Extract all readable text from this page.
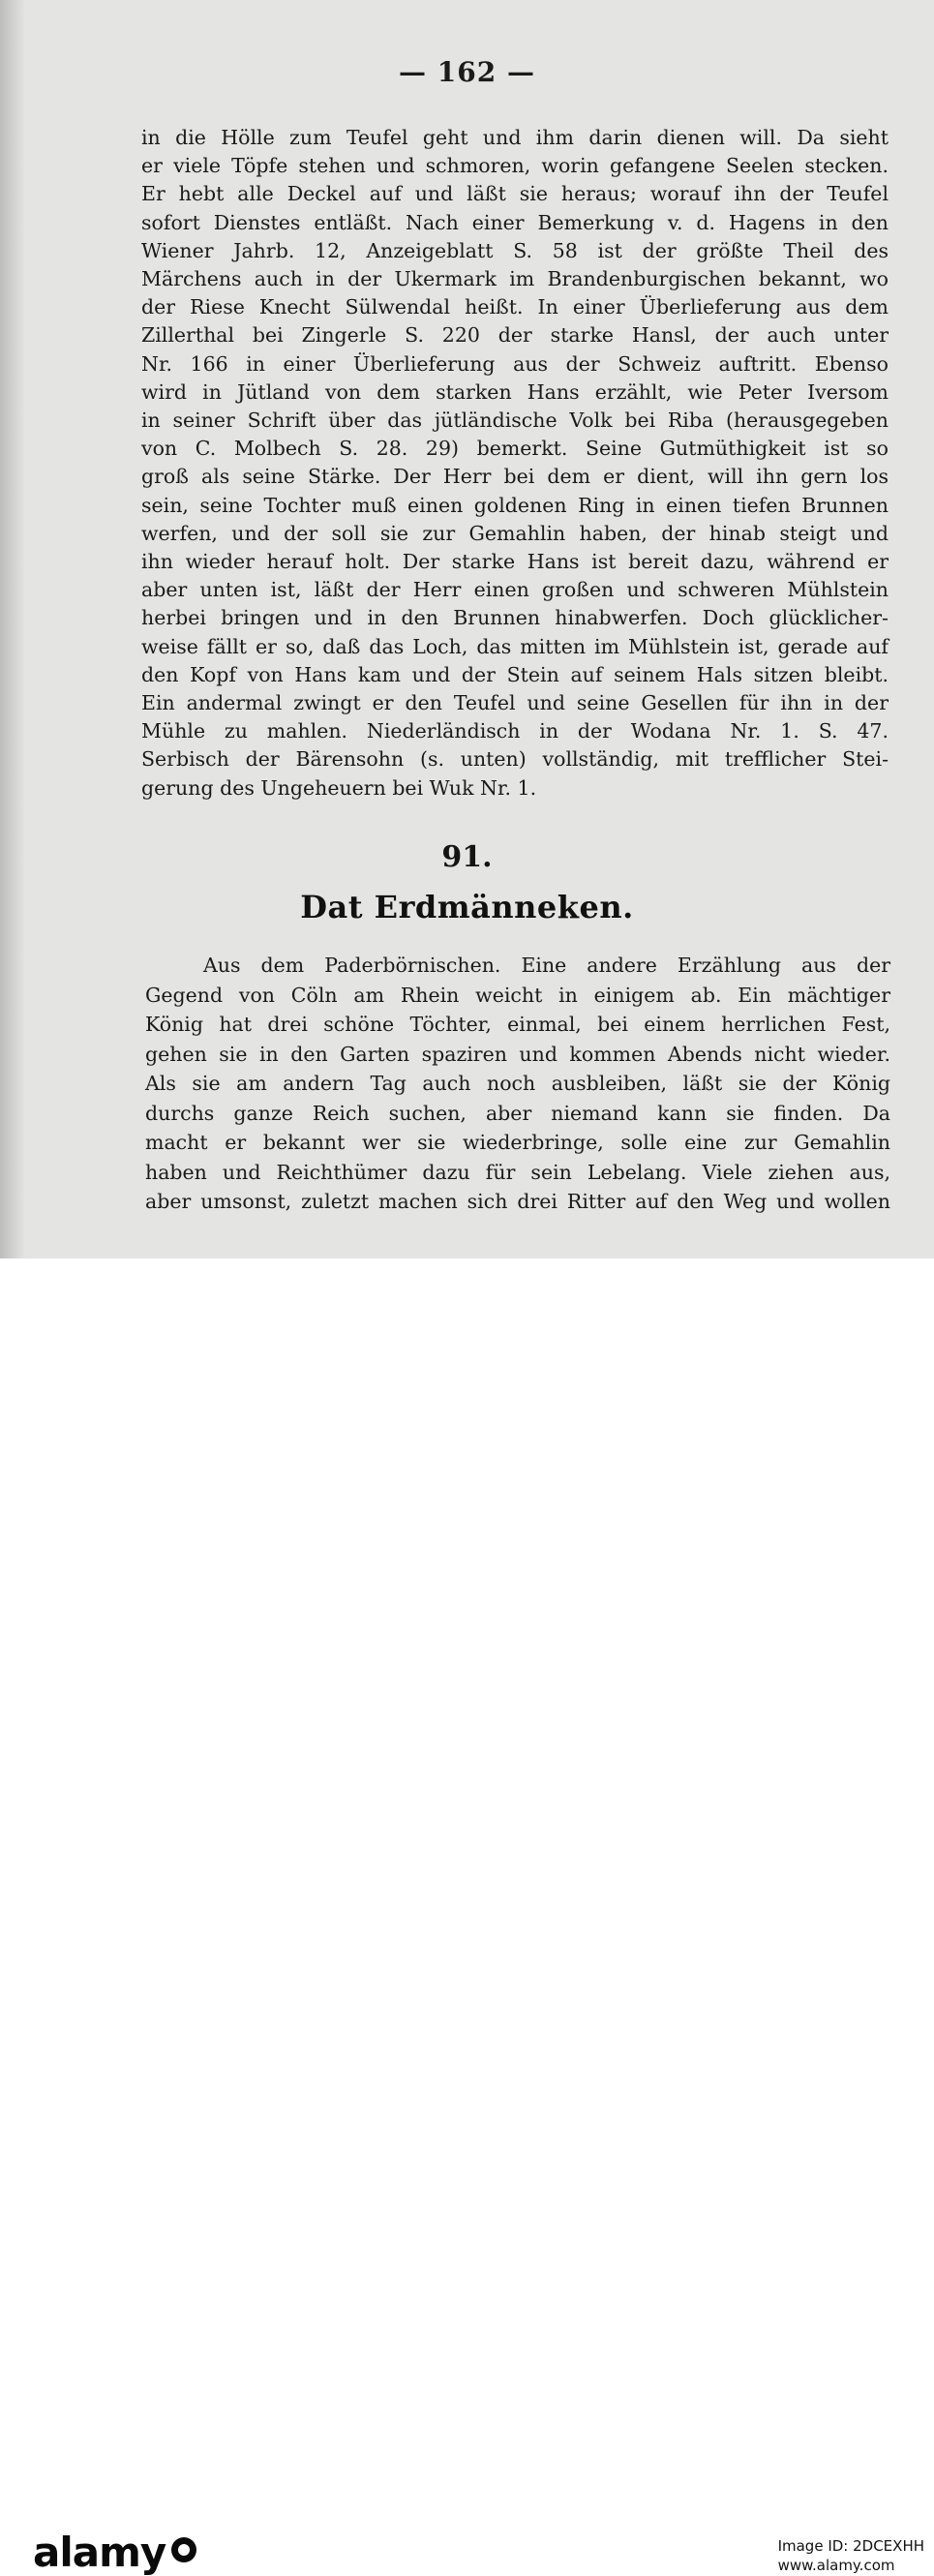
— 162 —
in die Hölle zum Teufel geht und ihm darin dienen will. Da sieht
er viele Töpfe stehen und schmoren, worin gefangene Seelen stecken.
Er hebt alle Deckel auf und läßt sie heraus; worauf ihn der Teufel
sofort Dienstes entläßt. Nach einer Bemerkung v. d. Hagens in den
Wiener Jahrb. 12, Anzeigeblatt S. 58 ist der größte Theil des
Märchens auch in der Ukermark im Brandenburgischen bekannt, wo
der Riese Knecht Sülwendal heißt. In einer Überlieferung aus dem
Zillerthal bei Zingerle S. 220 der starke Hansl, der auch unter
Nr. 166 in einer Überlieferung aus der Schweiz auftritt. Ebenso
wird in Jütland von dem starken Hans erzählt, wie Peter Iversom
in seiner Schrift über das jütländische Volk bei Riba (herausgegeben
von C. Molbech S. 28. 29) bemerkt. Seine Gutmüthigkeit ist so
groß als seine Stärke. Der Herr bei dem er dient, will ihn gern los
sein, seine Tochter muß einen goldenen Ring in einen tiefen Brunnen
werfen, und der soll sie zur Gemahlin haben, der hinab steigt und
ihn wieder herauf holt. Der starke Hans ist bereit dazu, während er
aber unten ist, läßt der Herr einen großen und schweren Mühlstein
herbei bringen und in den Brunnen hinabwerfen. Doch glücklicher-
weise fällt er so, daß das Loch, das mitten im Mühlstein ist, gerade auf
den Kopf von Hans kam und der Stein auf seinem Hals sitzen bleibt.
Ein andermal zwingt er den Teufel und seine Gesellen für ihn in der
Mühle zu mahlen. Niederländisch in der Wodana Nr. 1. S. 47.
Serbisch der Bärensohn (s. unten) vollständig, mit trefflicher Stei-
gerung des Ungeheuern bei Wuk Nr. 1.
91.
Dat Erdmänneken.
Aus dem Paderbörnischen. Eine andere Erzählung aus der
Gegend von Cöln am Rhein weicht in einigem ab. Ein mächtiger
König hat drei schöne Töchter, einmal, bei einem herrlichen Fest,
gehen sie in den Garten spaziren und kommen Abends nicht wieder.
Als sie am andern Tag auch noch ausbleiben, läßt sie der König
durchs ganze Reich suchen, aber niemand kann sie finden. Da
macht er bekannt wer sie wiederbringe, solle eine zur Gemahlin
haben und Reichthümer dazu für sein Lebelang. Viele ziehen aus,
aber umsonst, zuletzt machen sich drei Ritter auf den Weg und wollen
alamy	Image ID: 2DCEXHH
www.alamy.com
